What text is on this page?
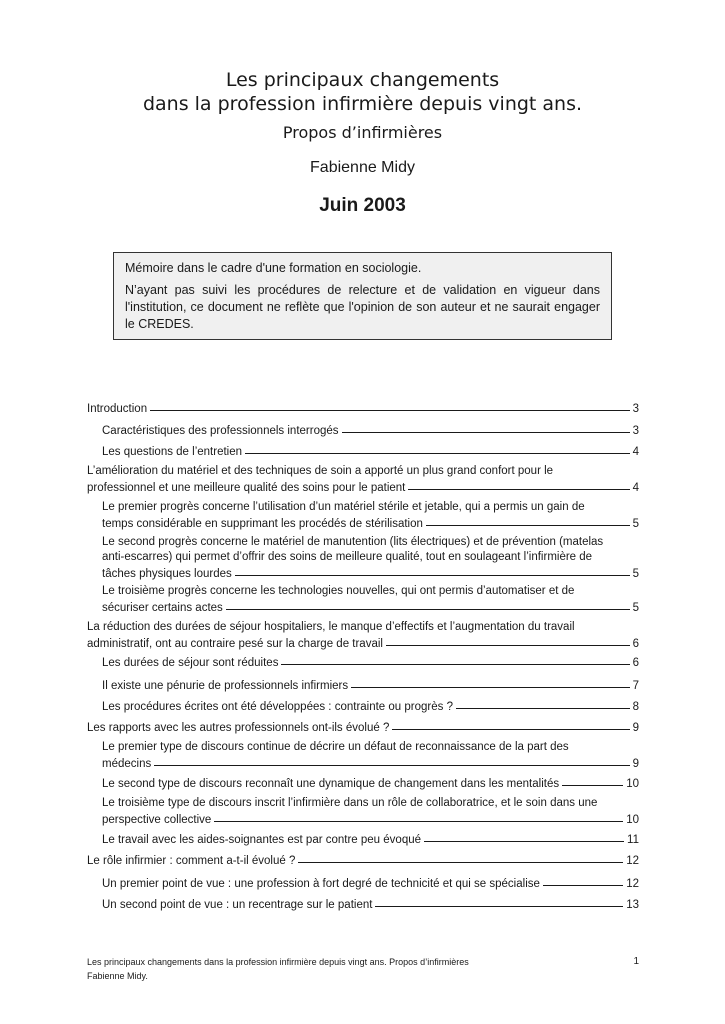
Les principaux changements
dans la profession infirmière depuis vingt ans.
Propos d’infirmières
Fabienne Midy
Juin 2003

Mémoire dans le cadre d'une formation en sociologie.

N’ayant pas suivi les procédures de relecture et de validation en vigueur dans l'institution, ce document ne reflète que l'opinion de son auteur et ne saurait engager le CREDES.

Introduction	3
Caractéristiques des professionnels interrogés	3
Les questions de l’entretien	4
L’amélioration du matériel et des techniques de soin a apporté un plus grand confort pour le
professionnel et une meilleure qualité des soins pour le patient	4
Le premier progrès concerne l’utilisation d’un matériel stérile et jetable, qui a permis un gain de
temps considérable en supprimant les procédés de stérilisation	5
Le second progrès concerne le matériel de manutention (lits électriques) et de prévention (matelas
anti-escarres) qui permet d’offrir des soins de meilleure qualité, tout en soulageant l’infirmière de
tâches physiques lourdes	5
Le troisième progrès concerne les technologies nouvelles, qui ont permis d’automatiser et de
sécuriser certains actes	5
La réduction des durées de séjour hospitaliers, le manque d’effectifs et l’augmentation du travail
administratif, ont au contraire pesé sur la charge de travail	6
Les durées de séjour sont réduites	6
Il existe une pénurie de professionnels infirmiers	7
Les procédures écrites ont été développées : contrainte ou progrès ?	8
Les rapports avec les autres professionnels ont-ils évolué ?	9
Le premier type de discours continue de décrire un défaut de reconnaissance de la part des
médecins	9
Le second type de discours reconnaît une dynamique de changement dans les mentalités	10
Le troisième type de discours inscrit l’infirmière dans un rôle de collaboratrice, et le soin dans une
perspective collective	10
Le travail avec les aides-soignantes est par contre peu évoqué	11
Le rôle infirmier : comment a-t-il évolué ?	12
Un premier point de vue : une profession à fort degré de technicité et qui se spécialise	12
Un second point de vue : un recentrage sur le patient	13
Les principaux changements dans la profession infirmière depuis vingt ans. Propos d’infirmières
Fabienne Midy.
1
